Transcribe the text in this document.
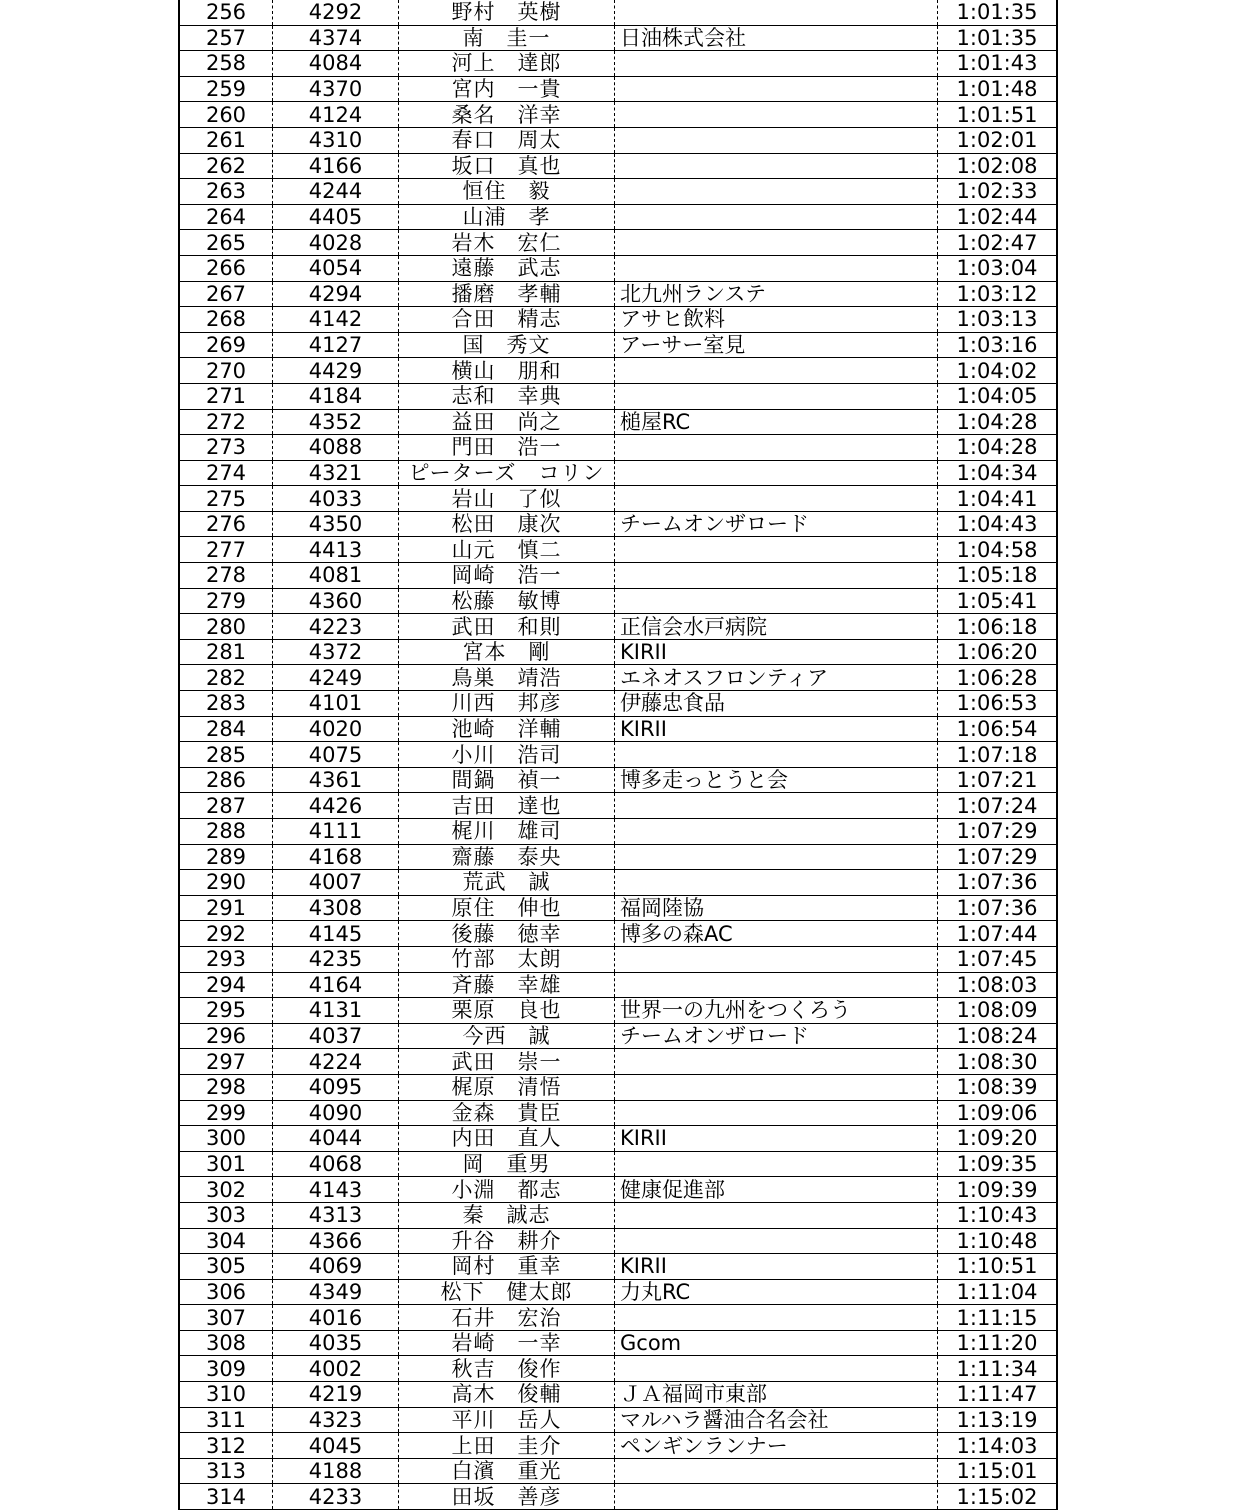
256	4292	野村　英樹		1:01:35
257	4374	南　圭一	日油株式会社	1:01:35
258	4084	河上　達郎		1:01:43
259	4370	宮内　一貴		1:01:48
260	4124	桑名　洋幸		1:01:51
261	4310	春口　周太		1:02:01
262	4166	坂口　真也		1:02:08
263	4244	恒住　毅		1:02:33
264	4405	山浦　孝		1:02:44
265	4028	岩木　宏仁		1:02:47
266	4054	遠藤　武志		1:03:04
267	4294	播磨　孝輔	北九州ランステ	1:03:12
268	4142	合田　精志	アサヒ飲料	1:03:13
269	4127	国　秀文	アーサー室見	1:03:16
270	4429	横山　朋和		1:04:02
271	4184	志和　幸典		1:04:05
272	4352	益田　尚之	槌屋RC	1:04:28
273	4088	門田　浩一		1:04:28
274	4321	ピーターズ　コリン		1:04:34
275	4033	岩山　了似		1:04:41
276	4350	松田　康次	チームオンザロード	1:04:43
277	4413	山元　慎二		1:04:58
278	4081	岡崎　浩一		1:05:18
279	4360	松藤　敏博		1:05:41
280	4223	武田　和則	正信会水戸病院	1:06:18
281	4372	宮本　剛	KIRII	1:06:20
282	4249	鳥巣　靖浩	エネオスフロンティア	1:06:28
283	4101	川西　邦彦	伊藤忠食品	1:06:53
284	4020	池崎　洋輔	KIRII	1:06:54
285	4075	小川　浩司		1:07:18
286	4361	間鍋　禎一	博多走っとうと会	1:07:21
287	4426	吉田　達也		1:07:24
288	4111	梶川　雄司		1:07:29
289	4168	齋藤　泰央		1:07:29
290	4007	荒武　誠		1:07:36
291	4308	原住　伸也	福岡陸協	1:07:36
292	4145	後藤　徳幸	博多の森AC	1:07:44
293	4235	竹部　太朗		1:07:45
294	4164	斉藤　幸雄		1:08:03
295	4131	栗原　良也	世界一の九州をつくろう	1:08:09
296	4037	今西　誠	チームオンザロード	1:08:24
297	4224	武田　崇一		1:08:30
298	4095	梶原　清悟		1:08:39
299	4090	金森　貴臣		1:09:06
300	4044	内田　直人	KIRII	1:09:20
301	4068	岡　重男		1:09:35
302	4143	小淵　都志	健康促進部	1:09:39
303	4313	秦　誠志		1:10:43
304	4366	升谷　耕介		1:10:48
305	4069	岡村　重幸	KIRII	1:10:51
306	4349	松下　健太郎	力丸RC	1:11:04
307	4016	石井　宏治		1:11:15
308	4035	岩崎　一幸	Gcom	1:11:20
309	4002	秋吉　俊作		1:11:34
310	4219	高木　俊輔	ＪＡ福岡市東部	1:11:47
311	4323	平川　岳人	マルハラ醤油合名会社	1:13:19
312	4045	上田　圭介	ペンギンランナー	1:14:03
313	4188	白濱　重光		1:15:01
314	4233	田坂　善彦		1:15:02
